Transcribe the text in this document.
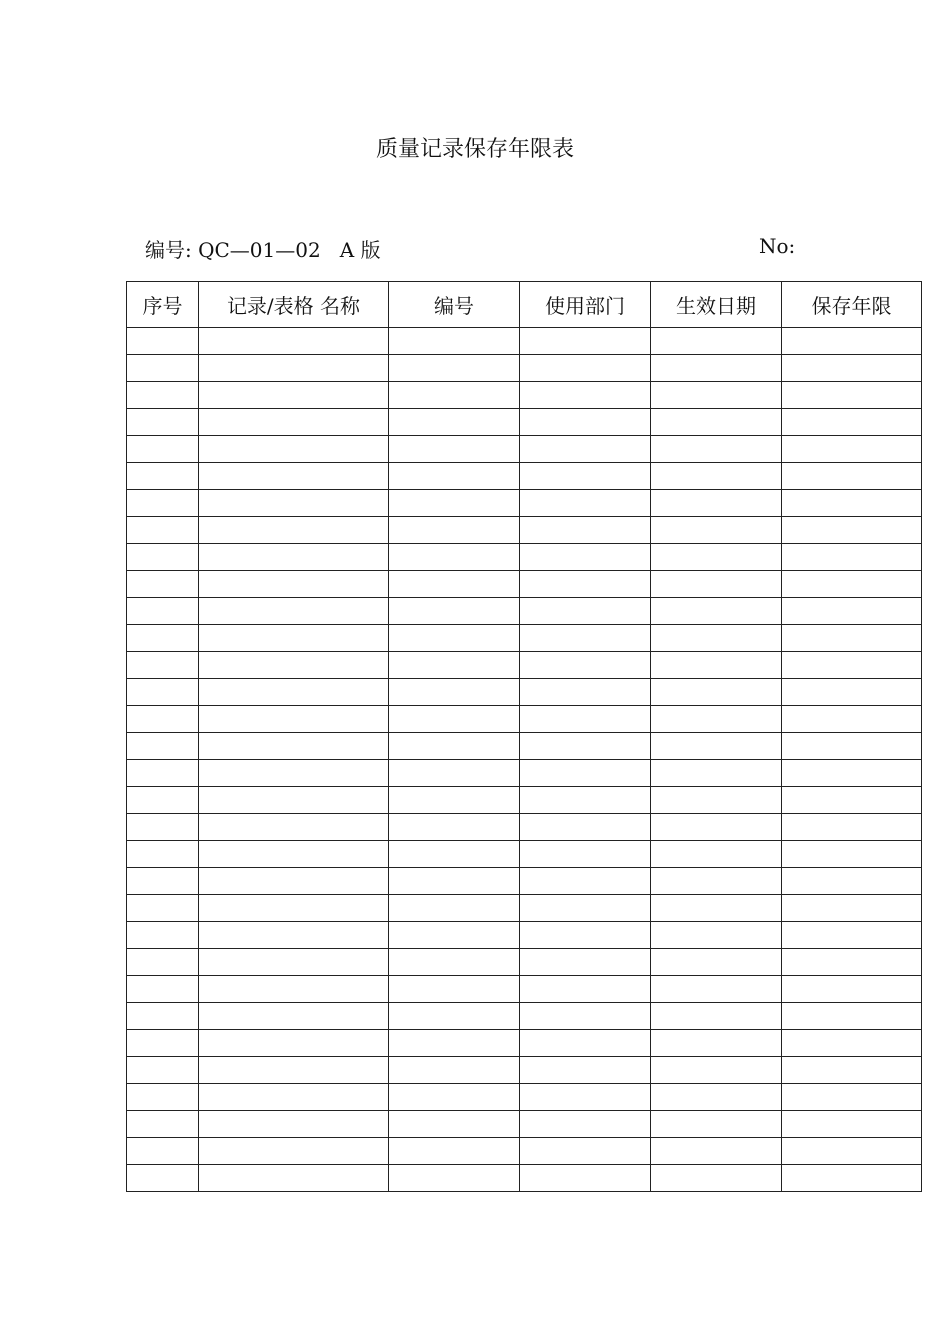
质量记录保存年限表
编号: QC—01—02   A 版	No:
序号	记录/表格 名称	编号	使用部门	生效日期	保存年限
